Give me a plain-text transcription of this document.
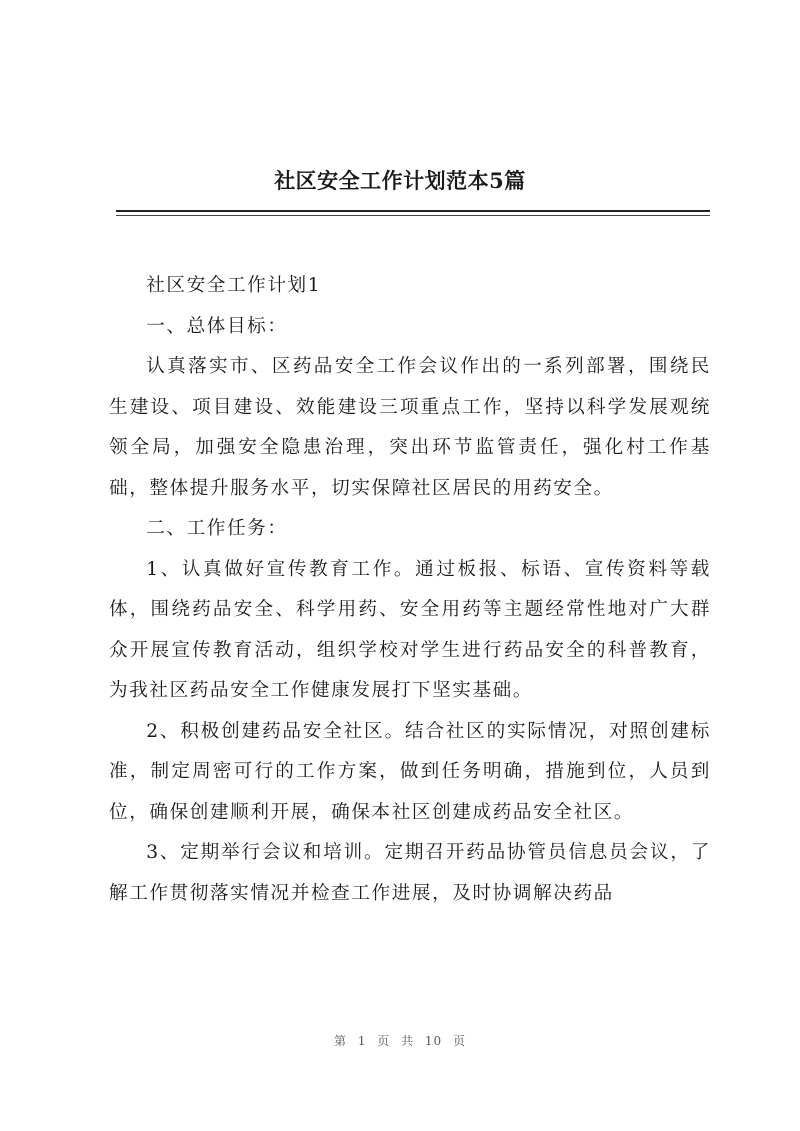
社区安全工作计划范本5篇

社区安全工作计划1

一、总体目标：

认真落实市、区药品安全工作会议作出的一系列部署，围绕民生建设、项目建设、效能建设三项重点工作，坚持以科学发展观统领全局，加强安全隐患治理，突出环节监管责任，强化村工作基础，整体提升服务水平，切实保障社区居民的用药安全。

二、工作任务：

1、认真做好宣传教育工作。通过板报、标语、宣传资料等载体，围绕药品安全、科学用药、安全用药等主题经常性地对广大群众开展宣传教育活动，组织学校对学生进行药品安全的科普教育，为我社区药品安全工作健康发展打下坚实基础。

2、积极创建药品安全社区。结合社区的实际情况，对照创建标准，制定周密可行的工作方案，做到任务明确，措施到位，人员到位，确保创建顺利开展，确保本社区创建成药品安全社区。

3、定期举行会议和培训。定期召开药品协管员信息员会议，了解工作贯彻落实情况并检查工作进展，及时协调解决药品

第 1 页 共 10 页
